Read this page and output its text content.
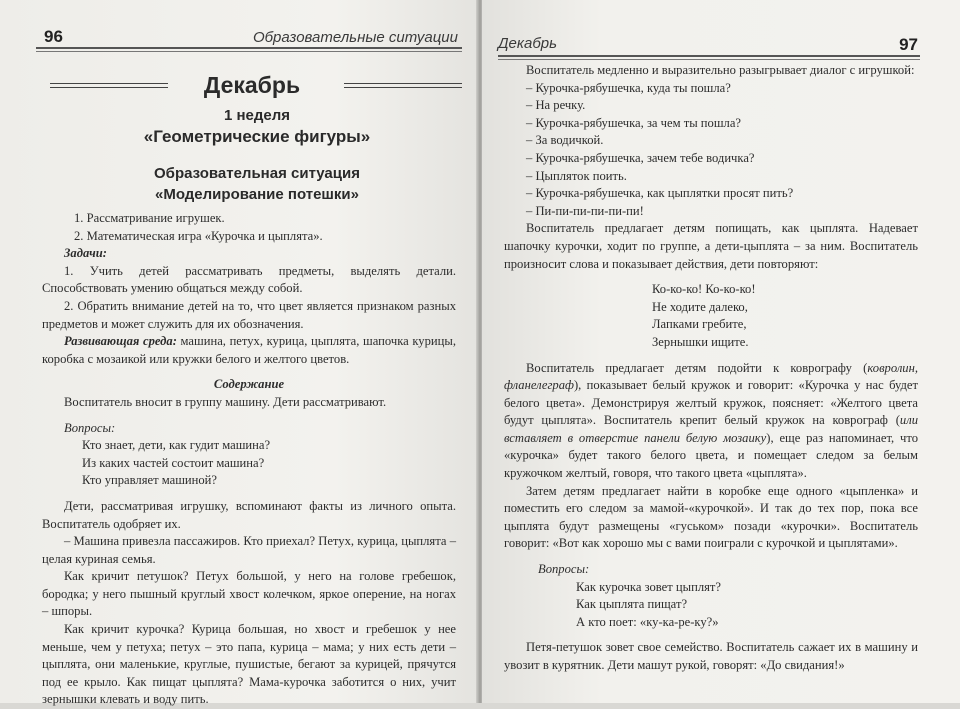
96	Образовательные ситуации
Декабрь
1 неделя
«Геометрические фигуры»
Образовательная ситуация
«Моделирование потешки»

1. Рассматривание игрушек.

2. Математическая игра «Курочка и цыплята».

Задачи:

1. Учить детей рассматривать предметы, выделять детали. Способствовать умению общаться между собой.

2. Обратить внимание детей на то, что цвет является признаком разных предметов и может служить для их обозначения.

Развивающая среда: машина, петух, курица, цыплята, шапочка курицы, коробка с мозаикой или кружки белого и желтого цветов.

Содержание

Воспитатель вносит в группу машину. Дети рассматривают.

Вопросы:

Кто знает, дети, как гудит машина?

Из каких частей состоит машина?

Кто управляет машиной?

Дети, рассматривая игрушку, вспоминают факты из личного опыта. Воспитатель одобряет их.

– Машина привезла пассажиров. Кто приехал? Петух, курица, цыплята – целая куриная семья.

Как кричит петушок? Петух большой, у него на голове гребешок, бородка; у него пышный круглый хвост колечком, яркое оперение, на ногах – шпоры.

Как кричит курочка? Курица большая, но хвост и гребешок у нее меньше, чем у петуха; петух – это папа, курица – мама; у них есть дети – цыплята, они маленькие, круглые, пушистые, бегают за курицей, прячутся под ее крыло. Как пищат цыплята? Мама-курочка заботится о них, учит зернышки клевать и воду пить.

Декабрь	97

Воспитатель медленно и выразительно разыгрывает диалог с игрушкой:

– Курочка-рябушечка, куда ты пошла?

– На речку.

– Курочка-рябушечка, за чем ты пошла?

– За водичкой.

– Курочка-рябушечка, зачем тебе водичка?

– Цыпляток поить.

– Курочка-рябушечка, как цыплятки просят пить?

– Пи-пи-пи-пи-пи-пи!

Воспитатель предлагает детям попищать, как цыплята. Надевает шапочку курочки, ходит по группе, а дети-цыплята – за ним. Воспитатель произносит слова и показывает действия, дети повторяют:

Ко-ко-ко! Ко-ко-ко!

Не ходите далеко,

Лапками гребите,

Зернышки ищите.

Воспитатель предлагает детям подойти к коврографу (ковролин, фланелеграф), показывает белый кружок и говорит: «Курочка у нас будет белого цвета». Демонстрируя желтый кружок, поясняет: «Желтого цвета будут цыплята». Воспитатель крепит белый кружок на коврограф (или вставляет в отверстие панели белую мозаику), еще раз напоминает, что «курочка» будет такого белого цвета, и помещает следом за белым кружочком желтый, говоря, что такого цвета «цыплята».

Затем детям предлагает найти в коробке еще одного «цыпленка» и поместить его следом за мамой-«курочкой». И так до тех пор, пока все цыплята будут размещены «гуськом» позади «курочки». Воспитатель говорит: «Вот как хорошо мы с вами поиграли с курочкой и цыплятами».

Вопросы:

Как курочка зовет цыплят?

Как цыплята пищат?

А кто поет: «ку-ка-ре-ку?»

Петя-петушок зовет свое семейство. Воспитатель сажает их в машину и увозит в курятник. Дети машут рукой, говорят: «До свидания!»
